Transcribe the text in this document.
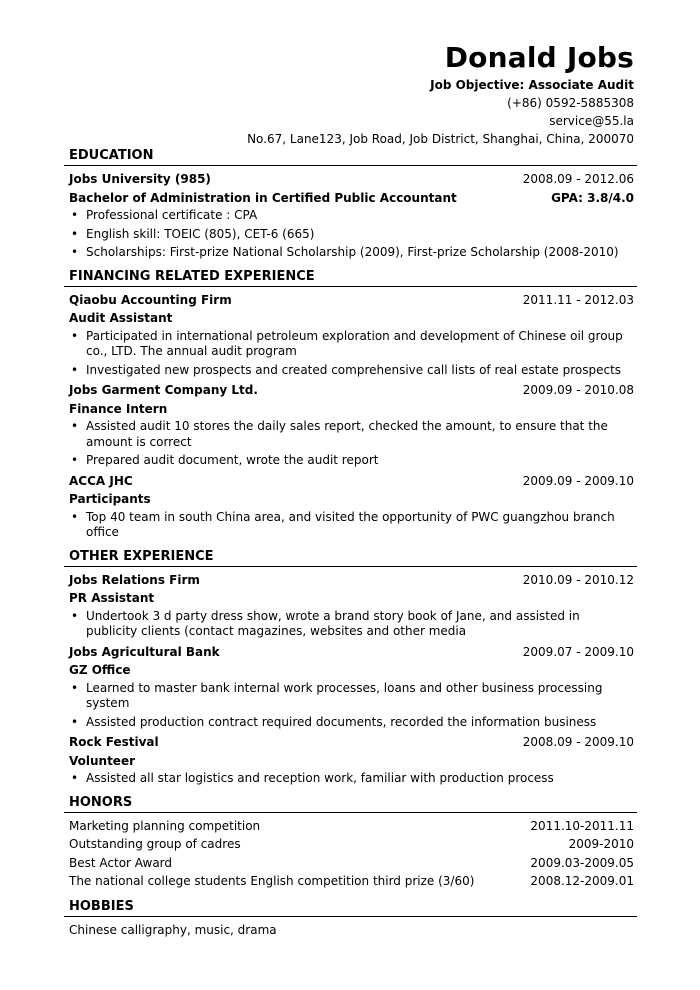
Donald Jobs
Job Objective: Associate Audit
(+86) 0592-5885308
service@55.la
No.67, Lane123, Job Road, Job District, Shanghai, China, 200070
EDUCATION
Jobs University (985)	2008.09 - 2012.06
Bachelor of Administration in Certified Public Accountant	GPA: 3.8/4.0
• Professional certificate : CPA
• English skill: TOEIC (805), CET-6 (665)
• Scholarships: First-prize National Scholarship (2009), First-prize Scholarship (2008-2010)
FINANCING RELATED EXPERIENCE
Qiaobu Accounting Firm	2011.11 - 2012.03
Audit Assistant
• Participated in international petroleum exploration and development of Chinese oil group co., LTD. The annual audit program
• Investigated new prospects and created comprehensive call lists of real estate prospects
Jobs Garment Company Ltd.	2009.09 - 2010.08
Finance Intern
• Assisted audit 10 stores the daily sales report, checked the amount, to ensure that the amount is correct
• Prepared audit document, wrote the audit report
ACCA JHC	2009.09 - 2009.10
Participants
• Top 40 team in south China area, and visited the opportunity of PWC guangzhou branch office
OTHER EXPERIENCE
Jobs Relations Firm	2010.09 - 2010.12
PR Assistant
• Undertook 3 d party dress show, wrote a brand story book of Jane, and assisted in publicity clients (contact magazines, websites and other media
Jobs Agricultural Bank	2009.07 - 2009.10
GZ Office
• Learned to master bank internal work processes, loans and other business processing system
• Assisted production contract required documents, recorded the information business
Rock Festival	2008.09 - 2009.10
Volunteer
• Assisted all star logistics and reception work, familiar with production process
HONORS
Marketing planning competition	2011.10-2011.11
Outstanding group of cadres	2009-2010
Best Actor Award	2009.03-2009.05
The national college students English competition third prize (3/60)	2008.12-2009.01
HOBBIES
Chinese calligraphy, music, drama
